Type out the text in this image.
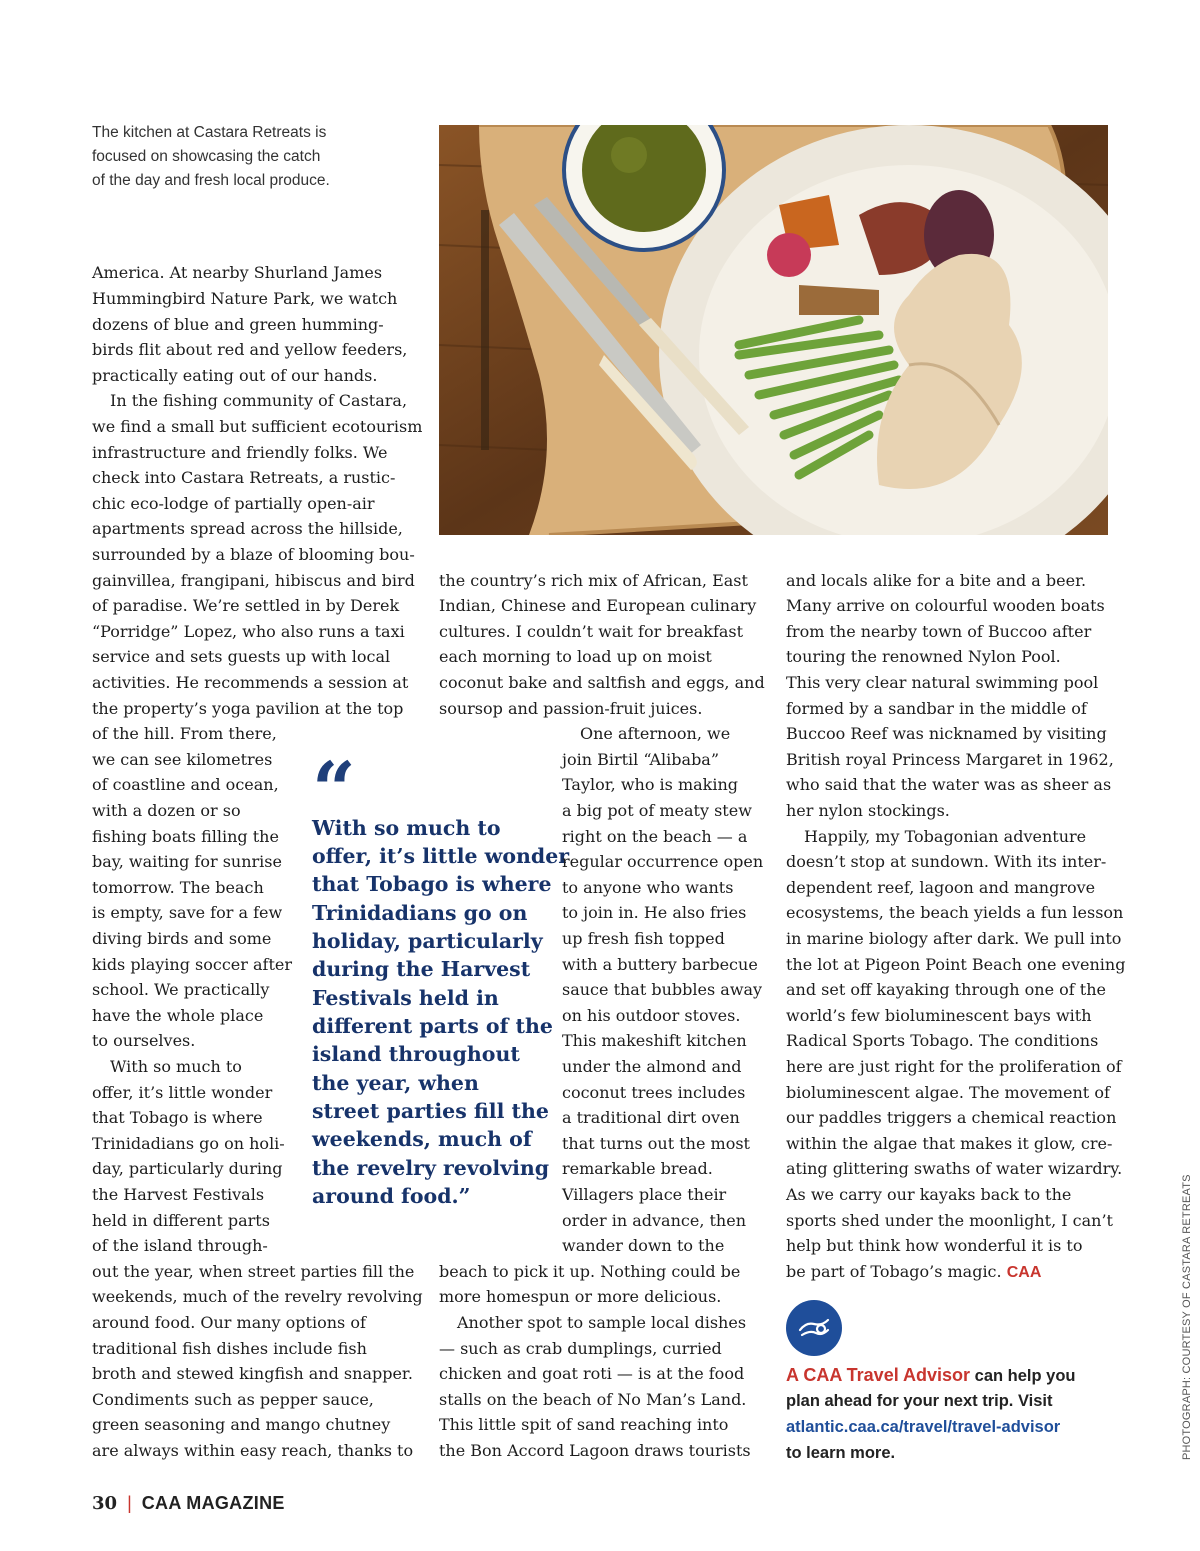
The kitchen at Castara Retreats is
focused on showcasing the catch
of the day and fresh local produce.
America. At nearby Shurland James
Hummingbird Nature Park, we watch
dozens of blue and green humming-
birds flit about red and yellow feeders,
practically eating out of our hands.
In the fishing community of Castara,
we find a small but sufficient ecotourism
infrastructure and friendly folks. We
check into Castara Retreats, a rustic-
chic eco-lodge of partially open-air
apartments spread across the hillside,
surrounded by a blaze of blooming bou-
gainvillea, frangipani, hibiscus and bird
of paradise. We’re settled in by Derek
“Porridge” Lopez, who also runs a taxi
service and sets guests up with local
activities. He recommends a session at
the property’s yoga pavilion at the top
of the hill. From there,
we can see kilometres
of coastline and ocean,
with a dozen or so
fishing boats filling the
bay, waiting for sunrise
tomorrow. The beach
is empty, save for a few
diving birds and some
kids playing soccer after
school. We practically
have the whole place
to ourselves.
With so much to
offer, it’s little wonder
that Tobago is where
Trinidadians go on holi-
day, particularly during
the Harvest Festivals
held in different parts
of the island through-
out the year, when street parties fill the
weekends, much of the revelry revolving
around food. Our many options of
traditional fish dishes include fish
broth and stewed kingfish and snapper.
Condiments such as pepper sauce,
green seasoning and mango chutney
are always within easy reach, thanks to
“
With so much to
offer, it’s little wonder
that Tobago is where
Trinidadians go on
holiday, particularly
during the Harvest
Festivals held in
different parts of the
island throughout
the year, when
street parties fill the
weekends, much of
the revelry revolving
around food.”
the country’s rich mix of African, East
Indian, Chinese and European culinary
cultures. I couldn’t wait for breakfast
each morning to load up on moist
coconut bake and saltfish and eggs, and
soursop and passion-fruit juices.
One afternoon, we
join Birtil “Alibaba”
Taylor, who is making
a big pot of meaty stew
right on the beach — a
regular occurrence open
to anyone who wants
to join in. He also fries
up fresh fish topped
with a buttery barbecue
sauce that bubbles away
on his outdoor stoves.
This makeshift kitchen
under the almond and
coconut trees includes
a traditional dirt oven
that turns out the most
remarkable bread.
Villagers place their
order in advance, then
wander down to the
beach to pick it up. Nothing could be
more homespun or more delicious.
Another spot to sample local dishes
— such as crab dumplings, curried
chicken and goat roti — is at the food
stalls on the beach of No Man’s Land.
This little spit of sand reaching into
the Bon Accord Lagoon draws tourists
and locals alike for a bite and a beer.
Many arrive on colourful wooden boats
from the nearby town of Buccoo after
touring the renowned Nylon Pool.
This very clear natural swimming pool
formed by a sandbar in the middle of
Buccoo Reef was nicknamed by visiting
British royal Princess Margaret in 1962,
who said that the water was as sheer as
her nylon stockings.
Happily, my Tobagonian adventure
doesn’t stop at sundown. With its inter-
dependent reef, lagoon and mangrove
ecosystems, the beach yields a fun lesson
in marine biology after dark. We pull into
the lot at Pigeon Point Beach one evening
and set off kayaking through one of the
world’s few bioluminescent bays with
Radical Sports Tobago. The conditions
here are just right for the proliferation of
bioluminescent algae. The movement of
our paddles triggers a chemical reaction
within the algae that makes it glow, cre-
ating glittering swaths of water wizardry.
As we carry our kayaks back to the
sports shed under the moonlight, I can’t
help but think how wonderful it is to
be part of Tobago’s magic. CAA
A CAA Travel Advisor can help you
plan ahead for your next trip. Visit
atlantic.caa.ca/travel/travel-advisor
to learn more.
30 | CAA MAGAZINE
PHOTOGRAPH: COURTESY OF CASTARA RETREATS
